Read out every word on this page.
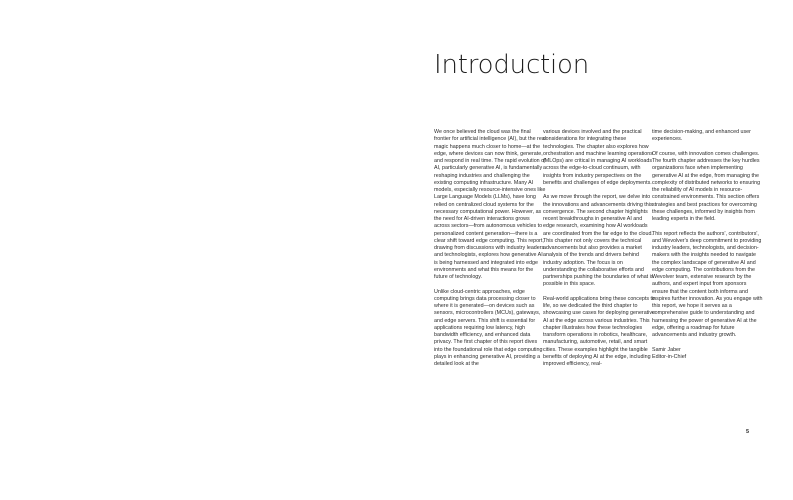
Introduction

We once believed the cloud was the final frontier for artificial intelligence (AI), but the real magic happens much closer to home—at the edge, where devices can now think, generate, and respond in real time. The rapid evolution of AI, particularly generative AI, is fundamentally reshaping industries and challenging the existing computing infrastructure. Many AI models, especially resource-intensive ones like Large Language Models (LLMs), have long relied on centralized cloud systems for the necessary computational power. However, as the need for AI-driven interactions grows across sectors—from autonomous vehicles to personalized content generation—there is a clear shift toward edge computing. This report, drawing from discussions with industry leaders and technologists, explores how generative AI is being harnessed and integrated into edge environments and what this means for the future of technology.

Unlike cloud-centric approaches, edge computing brings data processing closer to where it is generated—on devices such as sensors, microcontrollers (MCUs), gateways, and edge servers. This shift is essential for applications requiring low latency, high bandwidth efficiency, and enhanced data privacy. The first chapter of this report dives into the foundational role that edge computing plays in enhancing generative AI, providing a detailed look at the

various devices involved and the practical considerations for integrating these technologies. The chapter also explores how orchestration and machine learning operations (MLOps) are critical in managing AI workloads across the edge-to-cloud continuum, with insights from industry perspectives on the benefits and challenges of edge deployments.

As we move through the report, we delve into the innovations and advancements driving this convergence. The second chapter highlights recent breakthroughs in generative AI and edge research, examining how AI workloads are coordinated from the far edge to the cloud. This chapter not only covers the technical advancements but also provides a market analysis of the trends and drivers behind industry adoption. The focus is on understanding the collaborative efforts and partnerships pushing the boundaries of what is possible in this space.

Real-world applications bring these concepts to life, so we dedicated the third chapter to showcasing use cases for deploying generative AI at the edge across various industries. This chapter illustrates how these technologies transform operations in robotics, healthcare, manufacturing, automotive, retail, and smart cities. These examples highlight the tangible benefits of deploying AI at the edge, including improved efficiency, real-

time decision-making, and enhanced user experiences.

Of course, with innovation comes challenges. The fourth chapter addresses the key hurdles organizations face when implementing generative AI at the edge, from managing the complexity of distributed networks to ensuring the reliability of AI models in resource-constrained environments. This section offers strategies and best practices for overcoming these challenges, informed by insights from leading experts in the field.

This report reflects the authors', contributors', and Wevolver's deep commitment to providing industry leaders, technologists, and decision-makers with the insights needed to navigate the complex landscape of generative AI and edge computing. The contributions from the Wevolver team, extensive research by the authors, and expert input from sponsors ensure that the content both informs and inspires further innovation. As you engage with this report, we hope it serves as a comprehensive guide to understanding and harnessing the power of generative AI at the edge, offering a roadmap for future advancements and industry growth.

Samir Jaber

Editor-in-Chief

5
